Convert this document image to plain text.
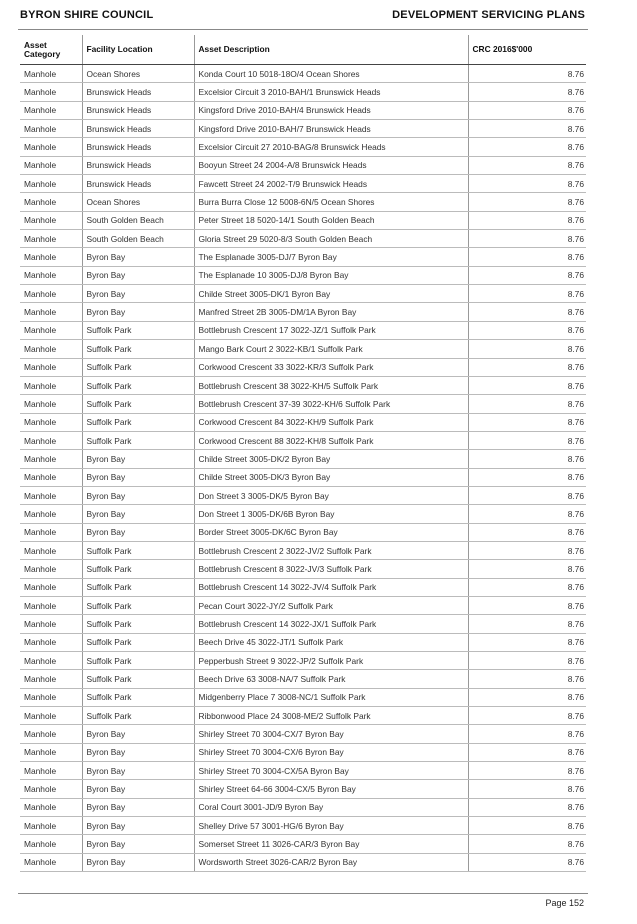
BYRON SHIRE COUNCIL	DEVELOPMENT SERVICING PLANS
Asset Category	Facility Location	Asset Description	CRC 2016$'000
Manhole	Ocean Shores	Konda Court 10 5018-18O/4 Ocean Shores	8.76
Manhole	Brunswick Heads	Excelsior Circuit 3 2010-BAH/1 Brunswick Heads	8.76
Manhole	Brunswick Heads	Kingsford Drive 2010-BAH/4 Brunswick Heads	8.76
Manhole	Brunswick Heads	Kingsford Drive 2010-BAH/7 Brunswick Heads	8.76
Manhole	Brunswick Heads	Excelsior Circuit 27 2010-BAG/8 Brunswick Heads	8.76
Manhole	Brunswick Heads	Booyun Street 24 2004-A/8 Brunswick Heads	8.76
Manhole	Brunswick Heads	Fawcett Street 24 2002-T/9 Brunswick Heads	8.76
Manhole	Ocean Shores	Burra Burra Close 12 5008-6N/5 Ocean Shores	8.76
Manhole	South Golden Beach	Peter Street 18 5020-14/1 South Golden Beach	8.76
Manhole	South Golden Beach	Gloria Street 29 5020-8/3 South Golden Beach	8.76
Manhole	Byron Bay	The Esplanade 3005-DJ/7 Byron Bay	8.76
Manhole	Byron Bay	The Esplanade 10 3005-DJ/8 Byron Bay	8.76
Manhole	Byron Bay	Childe Street 3005-DK/1 Byron Bay	8.76
Manhole	Byron Bay	Manfred Street 2B 3005-DM/1A Byron Bay	8.76
Manhole	Suffolk Park	Bottlebrush Crescent 17 3022-JZ/1 Suffolk Park	8.76
Manhole	Suffolk Park	Mango Bark Court 2 3022-KB/1 Suffolk Park	8.76
Manhole	Suffolk Park	Corkwood Crescent 33 3022-KR/3 Suffolk Park	8.76
Manhole	Suffolk Park	Bottlebrush Crescent 38 3022-KH/5 Suffolk Park	8.76
Manhole	Suffolk Park	Bottlebrush Crescent 37-39 3022-KH/6 Suffolk Park	8.76
Manhole	Suffolk Park	Corkwood Crescent 84 3022-KH/9 Suffolk Park	8.76
Manhole	Suffolk Park	Corkwood Crescent 88 3022-KH/8 Suffolk Park	8.76
Manhole	Byron Bay	Childe Street 3005-DK/2 Byron Bay	8.76
Manhole	Byron Bay	Childe Street 3005-DK/3 Byron Bay	8.76
Manhole	Byron Bay	Don Street 3 3005-DK/5 Byron Bay	8.76
Manhole	Byron Bay	Don Street 1 3005-DK/6B Byron Bay	8.76
Manhole	Byron Bay	Border Street 3005-DK/6C Byron Bay	8.76
Manhole	Suffolk Park	Bottlebrush Crescent 2 3022-JV/2 Suffolk Park	8.76
Manhole	Suffolk Park	Bottlebrush Crescent 8 3022-JV/3 Suffolk Park	8.76
Manhole	Suffolk Park	Bottlebrush Crescent 14 3022-JV/4 Suffolk Park	8.76
Manhole	Suffolk Park	Pecan Court 3022-JY/2 Suffolk Park	8.76
Manhole	Suffolk Park	Bottlebrush Crescent 14 3022-JX/1 Suffolk Park	8.76
Manhole	Suffolk Park	Beech Drive 45 3022-JT/1 Suffolk Park	8.76
Manhole	Suffolk Park	Pepperbush Street 9 3022-JP/2 Suffolk Park	8.76
Manhole	Suffolk Park	Beech Drive 63 3008-NA/7 Suffolk Park	8.76
Manhole	Suffolk Park	Midgenberry Place 7 3008-NC/1 Suffolk Park	8.76
Manhole	Suffolk Park	Ribbonwood Place 24 3008-ME/2 Suffolk Park	8.76
Manhole	Byron Bay	Shirley Street 70 3004-CX/7 Byron Bay	8.76
Manhole	Byron Bay	Shirley Street 70 3004-CX/6 Byron Bay	8.76
Manhole	Byron Bay	Shirley Street 70 3004-CX/5A Byron Bay	8.76
Manhole	Byron Bay	Shirley Street 64-66 3004-CX/5 Byron Bay	8.76
Manhole	Byron Bay	Coral Court 3001-JD/9 Byron Bay	8.76
Manhole	Byron Bay	Shelley Drive 57 3001-HG/6 Byron Bay	8.76
Manhole	Byron Bay	Somerset Street 11 3026-CAR/3 Byron Bay	8.76
Manhole	Byron Bay	Wordsworth Street 3026-CAR/2 Byron Bay	8.76
Page 152
